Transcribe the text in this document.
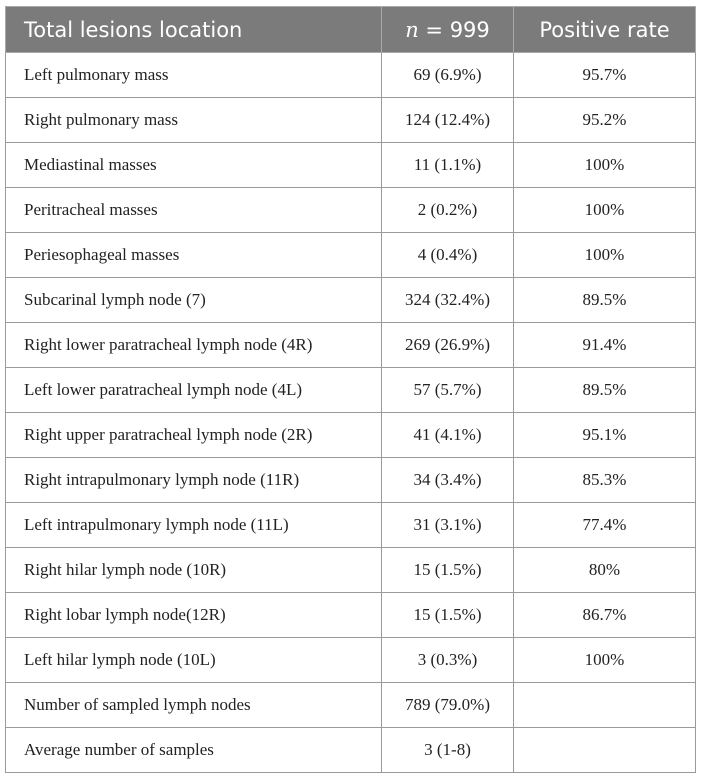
Total lesions location	n = 999	Positive rate
Left pulmonary mass	69 (6.9%)	95.7%
Right pulmonary mass	124 (12.4%)	95.2%
Mediastinal masses	11 (1.1%)	100%
Peritracheal masses	2 (0.2%)	100%
Periesophageal masses	4 (0.4%)	100%
Subcarinal lymph node (7)	324 (32.4%)	89.5%
Right lower paratracheal lymph node (4R)	269 (26.9%)	91.4%
Left lower paratracheal lymph node (4L)	57 (5.7%)	89.5%
Right upper paratracheal lymph node (2R)	41 (4.1%)	95.1%
Right intrapulmonary lymph node (11R)	34 (3.4%)	85.3%
Left intrapulmonary lymph node (11L)	31 (3.1%)	77.4%
Right hilar lymph node (10R)	15 (1.5%)	80%
Right lobar lymph node(12R)	15 (1.5%)	86.7%
Left hilar lymph node (10L)	3 (0.3%)	100%
Number of sampled lymph nodes	789 (79.0%)	
Average number of samples	3 (1-8)	
